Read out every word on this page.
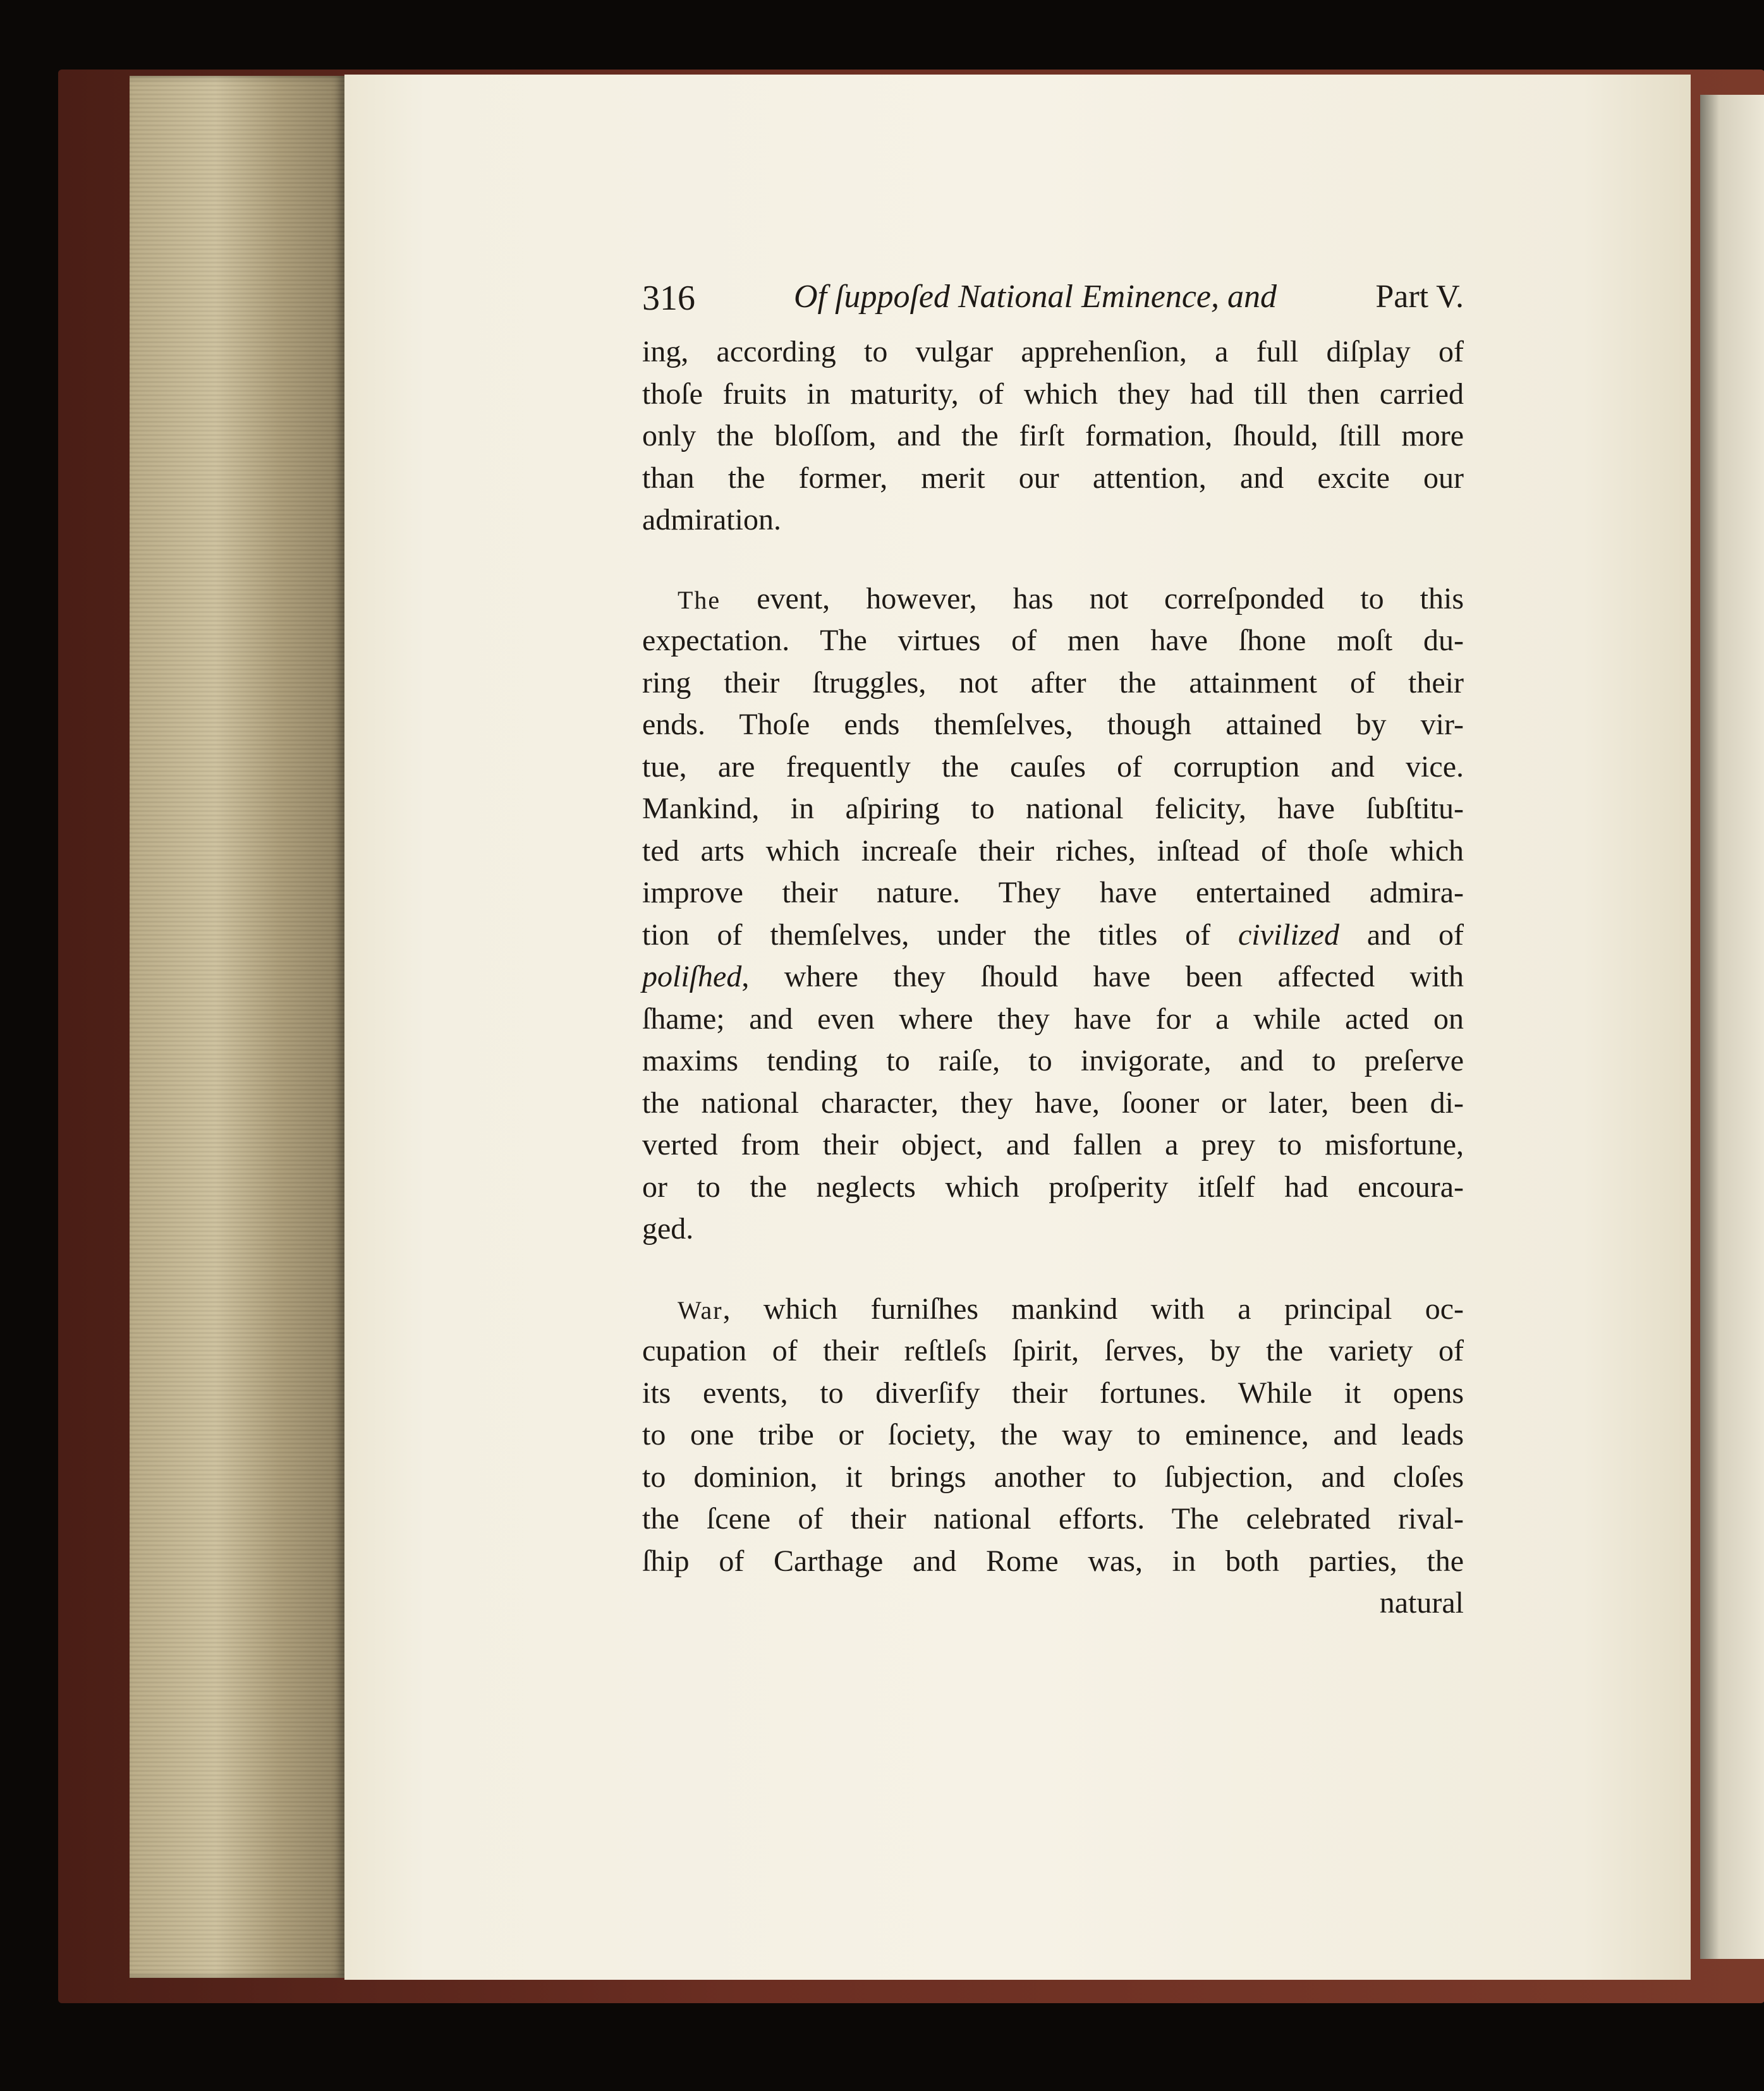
316	Of ſuppoſed National Eminence, and	Part V.
ing, according to vulgar apprehenſion, a full diſplay of
thoſe fruits in maturity, of which they had till then carried
only the bloſſom, and the firſt formation, ſhould, ſtill more
than the former, merit our attention, and excite our
admiration.
The event, however, has not correſponded to this
expectation. The virtues of men have ſhone moſt du-
ring their ſtruggles, not after the attainment of their
ends. Thoſe ends themſelves, though attained by vir-
tue, are frequently the cauſes of corruption and vice.
Mankind, in aſpiring to national felicity, have ſubſtitu-
ted arts which increaſe their riches, inſtead of thoſe which
improve their nature. They have entertained admira-
tion of themſelves, under the titles of civilized and of
poliſhed, where they ſhould have been affected with
ſhame; and even where they have for a while acted on
maxims tending to raiſe, to invigorate, and to preſerve
the national character, they have, ſooner or later, been di-
verted from their object, and fallen a prey to misfortune,
or to the neglects which proſperity itſelf had encoura-
ged.
War, which furniſhes mankind with a principal oc-
cupation of their reſtleſs ſpirit, ſerves, by the variety of
its events, to diverſify their fortunes. While it opens
to one tribe or ſociety, the way to eminence, and leads
to dominion, it brings another to ſubjection, and cloſes
the ſcene of their national efforts. The celebrated rival-
ſhip of Carthage and Rome was, in both parties, the
natural
